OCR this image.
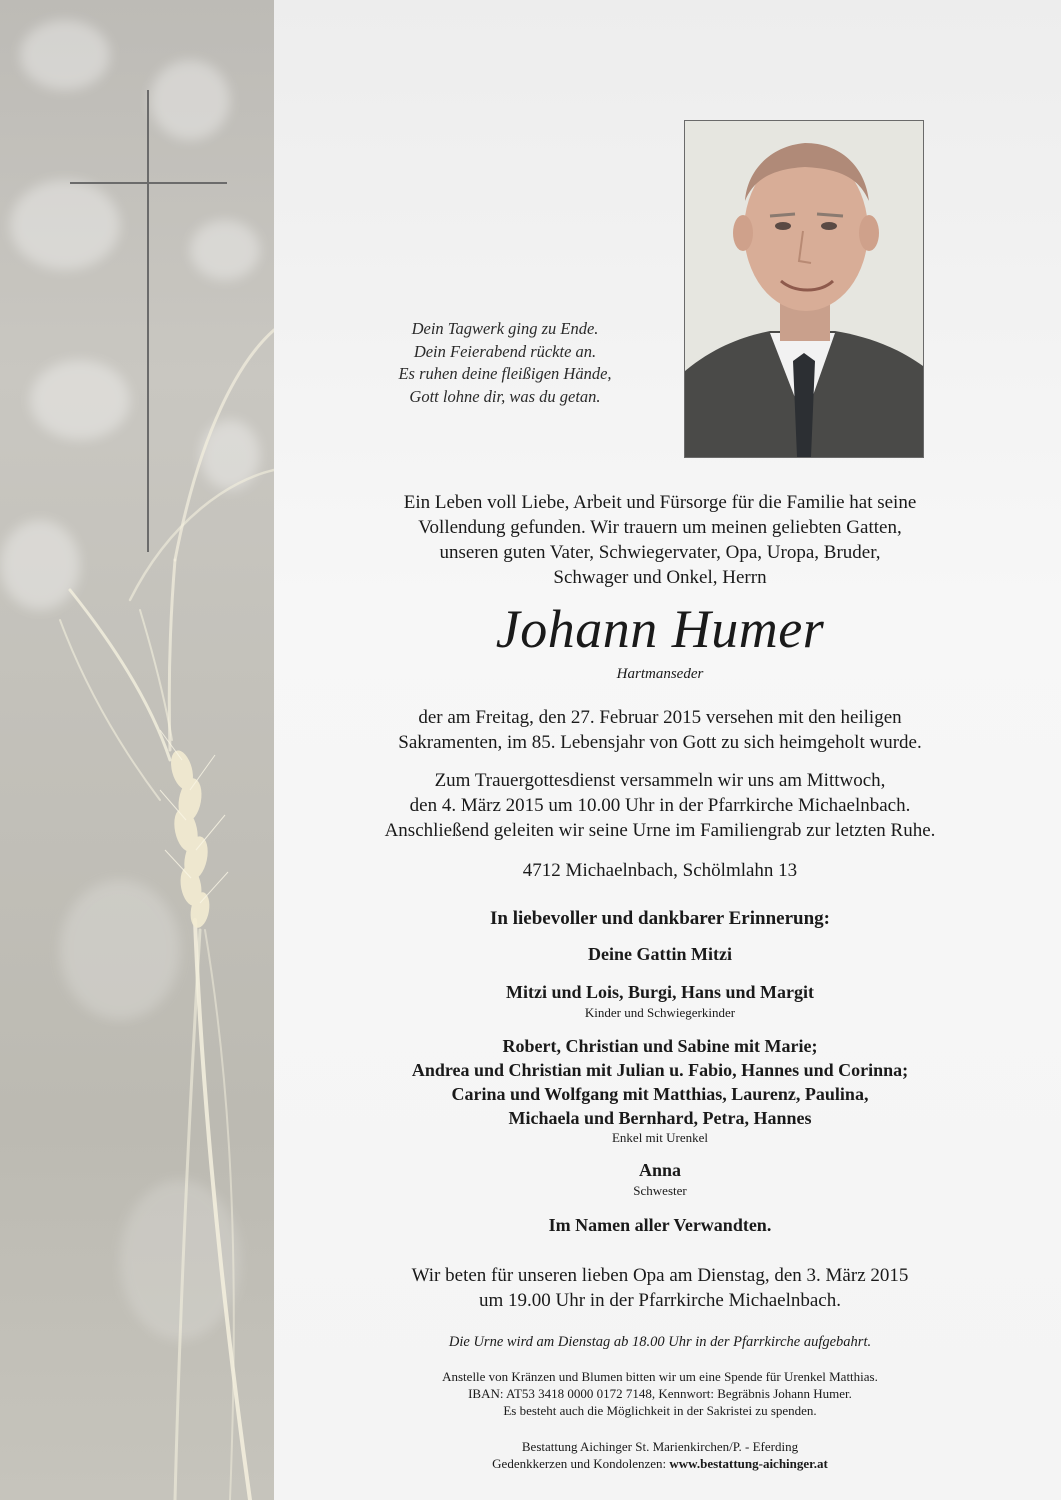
Dein Tagwerk ging zu Ende.
Dein Feierabend rückte an.
Es ruhen deine fleißigen Hände,
Gott lohne dir, was du getan.
Ein Leben voll Liebe, Arbeit und Fürsorge für die Familie hat seine
Vollendung gefunden. Wir trauern um meinen geliebten Gatten,
unseren guten Vater, Schwiegervater, Opa, Uropa, Bruder,
Schwager und Onkel, Herrn
Johann Humer
Hartmanseder
der am Freitag, den 27. Februar 2015 versehen mit den heiligen
Sakramenten, im 85. Lebensjahr von Gott zu sich heimgeholt wurde.
Zum Trauergottesdienst versammeln wir uns am Mittwoch,
den 4. März 2015 um 10.00 Uhr in der Pfarrkirche Michaelnbach.
Anschließend geleiten wir seine Urne im Familiengrab zur letzten Ruhe.
4712 Michaelnbach, Schölmlahn 13
In liebevoller und dankbarer Erinnerung:
Deine Gattin Mitzi
Mitzi und Lois, Burgi, Hans und Margit
Kinder und Schwiegerkinder
Robert, Christian und Sabine mit Marie;
Andrea und Christian mit Julian u. Fabio, Hannes und Corinna;
Carina und Wolfgang mit Matthias, Laurenz, Paulina,
Michaela und Bernhard, Petra, Hannes
Enkel mit Urenkel
Anna
Schwester
Im Namen aller Verwandten.
Wir beten für unseren lieben Opa am Dienstag, den 3. März 2015
um 19.00 Uhr in der Pfarrkirche Michaelnbach.
Die Urne wird am Dienstag ab 18.00 Uhr in der Pfarrkirche aufgebahrt.
Anstelle von Kränzen und Blumen bitten wir um eine Spende für Urenkel Matthias.
IBAN: AT53 3418 0000 0172 7148, Kennwort: Begräbnis Johann Humer.
Es besteht auch die Möglichkeit in der Sakristei zu spenden.
Bestattung Aichinger St. Marienkirchen/P. - Eferding
Gedenkkerzen und Kondolenzen: www.bestattung-aichinger.at
